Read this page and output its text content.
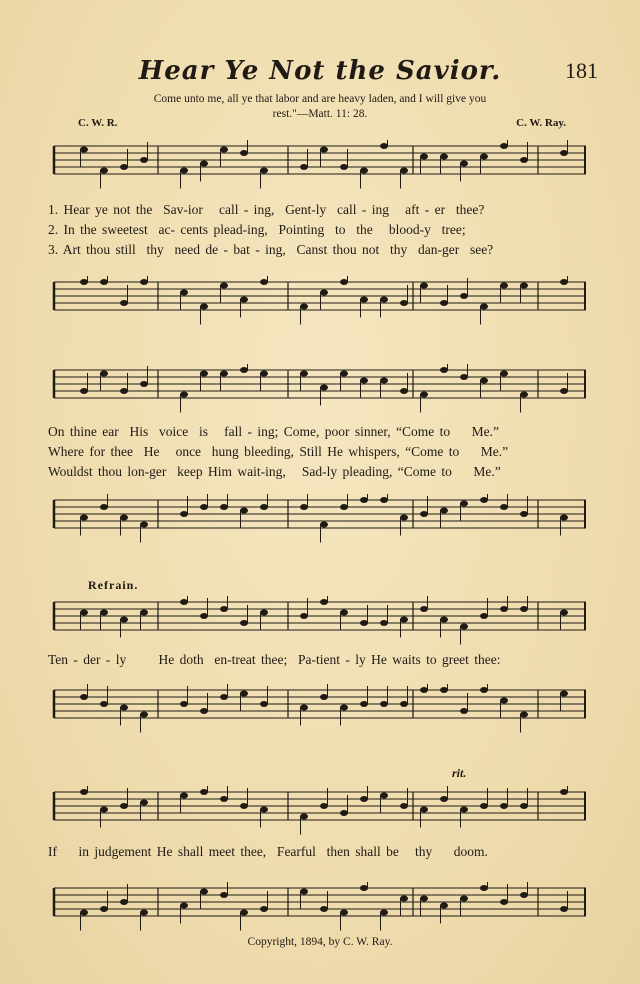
Hear Ye Not the Savior.	181
Come unto me, all ye that labor and are heavy laden, and I will give you rest."—Matt. 11: 28.
C. W. R.	C. W. Ray.
1. Hear ye not the  Sav-ior   call - ing,  Gent-ly  call - ing   aft - er  thee?
2. In the sweetest  ac- cents plead-ing,  Pointing  to  the   blood-y  tree;
3. Art thou still  thy  need de - bat - ing,  Canst thou not  thy  dan-ger  see?
On thine ear  His  voice  is   fall - ing; Come, poor sinner, “Come to    Me.”
Where for thee  He   once  hung bleeding, Still He whispers, “Come to    Me.”
Wouldst thou lon-ger  keep Him wait-ing,   Sad-ly pleading, “Come to    Me.”
Refrain.
Ten - der - ly      He doth  en-treat thee;  Pa-tient - ly He waits to greet thee:
rit.
If    in judgement He shall meet thee,  Fearful  then shall be   thy    doom.
Copyright, 1894, by C. W. Ray.
